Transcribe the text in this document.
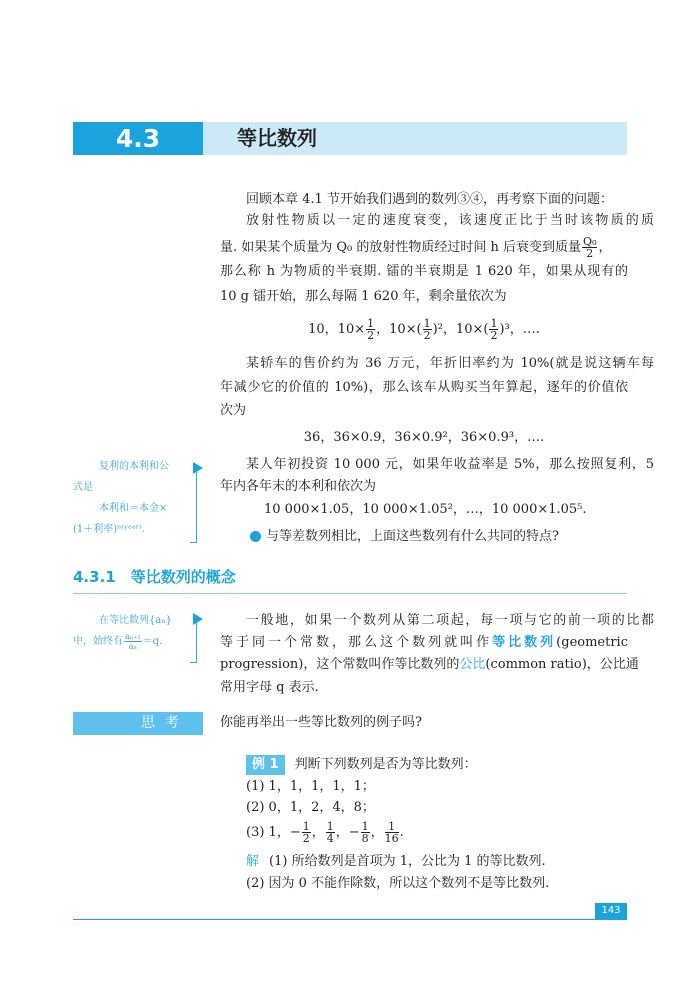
4.3	等比数列
回顾本章 4.1 节开始我们遇到的数列③④，再考察下面的问题：
放射性物质以一定的速度衰变，该速度正比于当时该物质的质
量. 如果某个质量为 Q₀ 的放射性物质经过时间 h 后衰变到质量 $\frac{\text{Q₀}}{2}$ ，
那么称 h 为物质的半衰期. 镭的半衰期是 1 620 年，如果从现有的
10 g 镭开始，那么每隔 1 620 年，剩余量依次为
10，$10\times \frac{1}{2}$ ，$10\times( \frac{1}{2} )^2$，$10\times( \frac{1}{2} )^3$，….
某轿车的售价约为 36 万元，年折旧率约为 10%(就是说这辆车每
年减少它的价值的 10%)，那么该车从购买当年算起，逐年的价值依
次为
36，36×0.9，36×0.9²，36×0.9³，….
复利的本利和公
式是
本利和＝本金×
(1＋利率)ⁿ⁽ʸᵉᵃʳ⁾.
某人年初投资 10 000 元，如果年收益率是 5%，那么按照复利，5
年内各年末的本利和依次为
10 000×1.05，10 000×1.05²，…，10 000×1.05⁵.
与等差数列相比，上面这些数列有什么共同的特点?
4.3.1　等比数列的概念
在等比数列{aₙ}
中，始终有 $\frac{\text{aₙ₊₁}}{\text{aₙ}} =q$.
一般地，如果一个数列从第二项起，每一项与它的前一项的比都
等于同一个常数，那么这个数列就叫作等比数列(geometric
progression)，这个常数叫作等比数列的公比(common ratio)，公比通
常用字母 q 表示.
思考	你能再举出一些等比数列的例子吗?
例 1 判断下列数列是否为等比数列：
(1) 1，1，1，1，1；
(2) 0，1，2，4，8；
(3) 1，− $\frac{1}{2}$ ， $\frac{1}{4}$ ，− $\frac{1}{8}$ ， $\frac{1}{16}$ .
解 (1) 所给数列是首项为 1，公比为 1 的等比数列.
(2) 因为 0 不能作除数，所以这个数列不是等比数列.
143
